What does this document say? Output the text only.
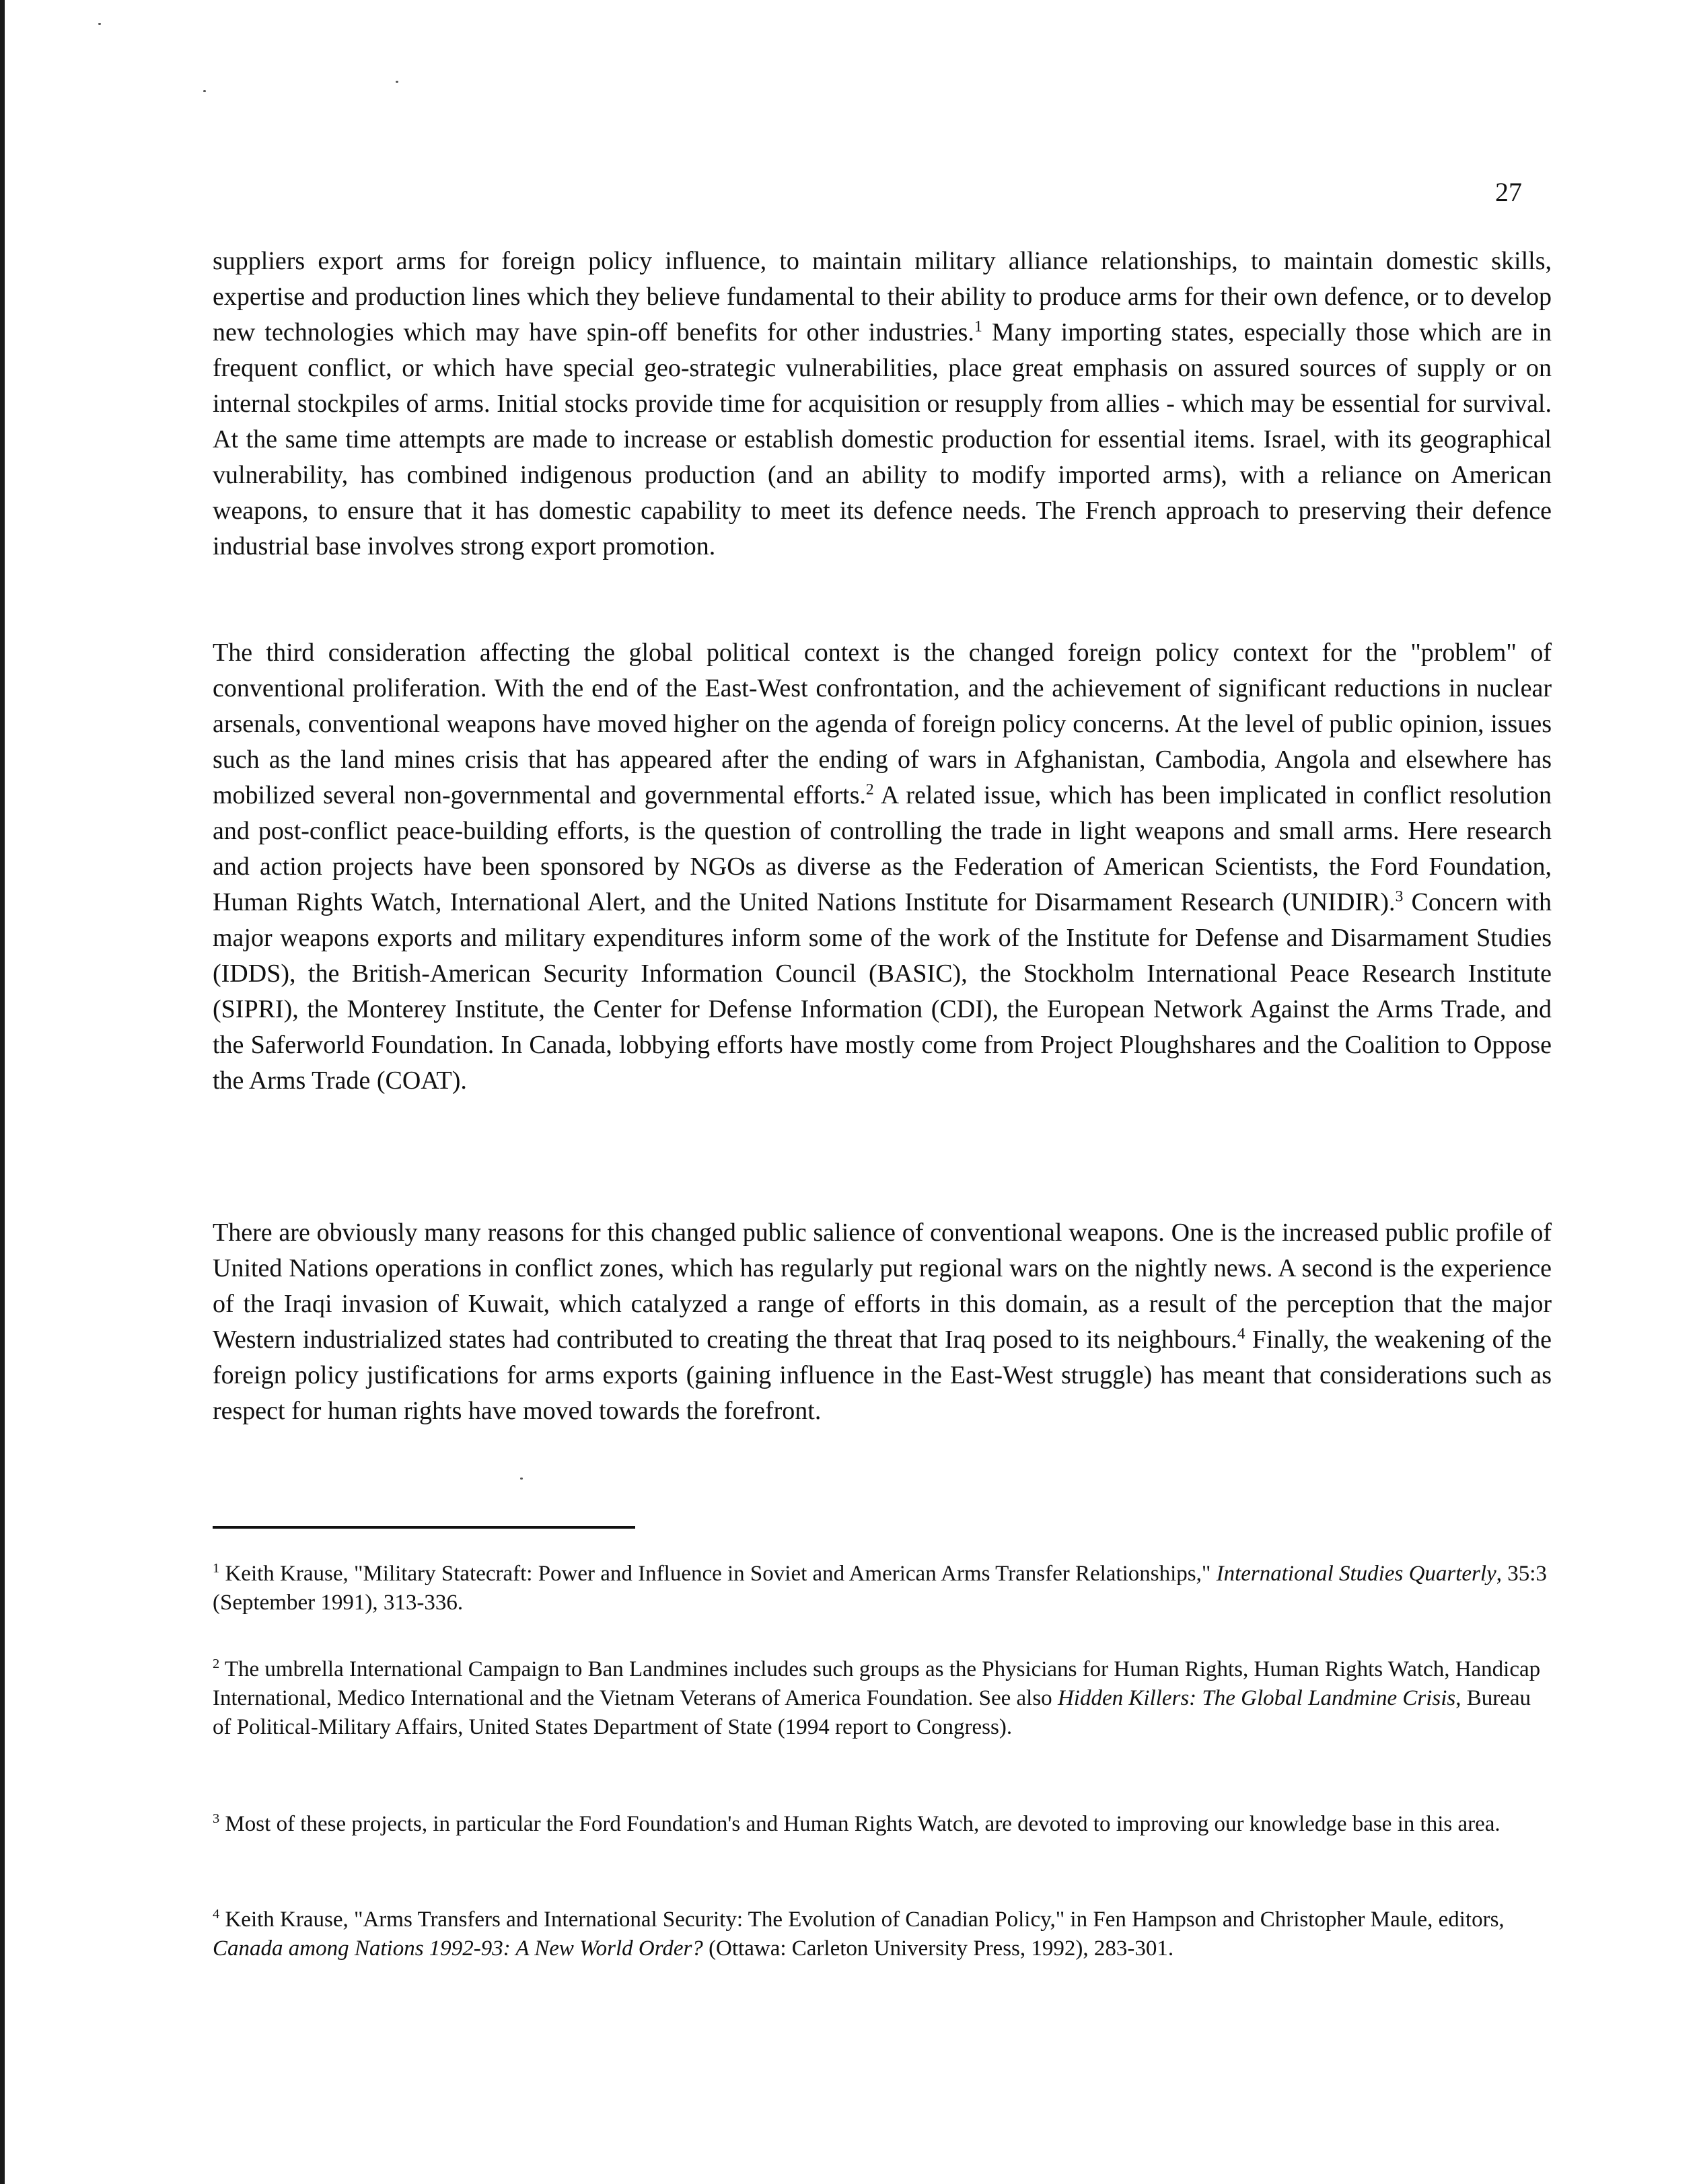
27

suppliers export arms for foreign policy influence, to maintain military alliance relationships, to maintain domestic skills, expertise and production lines which they believe fundamental to their ability to produce arms for their own defence, or to develop new technologies which may have spin-off benefits for other industries.$^1$ Many importing states, especially those which are in frequent conflict, or which have special geo-strategic vulnerabilities, place great emphasis on assured sources of supply or on internal stockpiles of arms. Initial stocks provide time for acquisition or resupply from allies - which may be essential for survival. At the same time attempts are made to increase or establish domestic production for essential items. Israel, with its geographical vulnerability, has combined indigenous production (and an ability to modify imported arms), with a reliance on American weapons, to ensure that it has domestic capability to meet its defence needs. The French approach to preserving their defence industrial base involves strong export promotion.

The third consideration affecting the global political context is the changed foreign policy context for the "problem" of conventional proliferation. With the end of the East-West confrontation, and the achievement of significant reductions in nuclear arsenals, conventional weapons have moved higher on the agenda of foreign policy concerns. At the level of public opinion, issues such as the land mines crisis that has appeared after the ending of wars in Afghanistan, Cambodia, Angola and elsewhere has mobilized several non-governmental and governmental efforts.$^2$ A related issue, which has been implicated in conflict resolution and post-conflict peace-building efforts, is the question of controlling the trade in light weapons and small arms. Here research and action projects have been sponsored by NGOs as diverse as the Federation of American Scientists, the Ford Foundation, Human Rights Watch, International Alert, and the United Nations Institute for Disarmament Research (UNIDIR).$^3$ Concern with major weapons exports and military expenditures inform some of the work of the Institute for Defense and Disarmament Studies (IDDS), the British-American Security Information Council (BASIC), the Stockholm International Peace Research Institute (SIPRI), the Monterey Institute, the Center for Defense Information (CDI), the European Network Against the Arms Trade, and the Saferworld Foundation. In Canada, lobbying efforts have mostly come from Project Ploughshares and the Coalition to Oppose the Arms Trade (COAT).

There are obviously many reasons for this changed public salience of conventional weapons. One is the increased public profile of United Nations operations in conflict zones, which has regularly put regional wars on the nightly news. A second is the experience of the Iraqi invasion of Kuwait, which catalyzed a range of efforts in this domain, as a result of the perception that the major Western industrialized states had contributed to creating the threat that Iraq posed to its neighbours.$^4$ Finally, the weakening of the foreign policy justifications for arms exports (gaining influence in the East-West struggle) has meant that considerations such as respect for human rights have moved towards the forefront.

$^1$ Keith Krause, "Military Statecraft: Power and Influence in Soviet and American Arms Transfer Relationships," International Studies Quarterly, 35:3 (September 1991), 313-336.

$^2$ The umbrella International Campaign to Ban Landmines includes such groups as the Physicians for Human Rights, Human Rights Watch, Handicap International, Medico International and the Vietnam Veterans of America Foundation. See also Hidden Killers: The Global Landmine Crisis, Bureau of Political-Military Affairs, United States Department of State (1994 report to Congress).

$^3$ Most of these projects, in particular the Ford Foundation's and Human Rights Watch, are devoted to improving our knowledge base in this area.

$^4$ Keith Krause, "Arms Transfers and International Security: The Evolution of Canadian Policy," in Fen Hampson and Christopher Maule, editors, Canada among Nations 1992-93: A New World Order? (Ottawa: Carleton University Press, 1992), 283-301.
